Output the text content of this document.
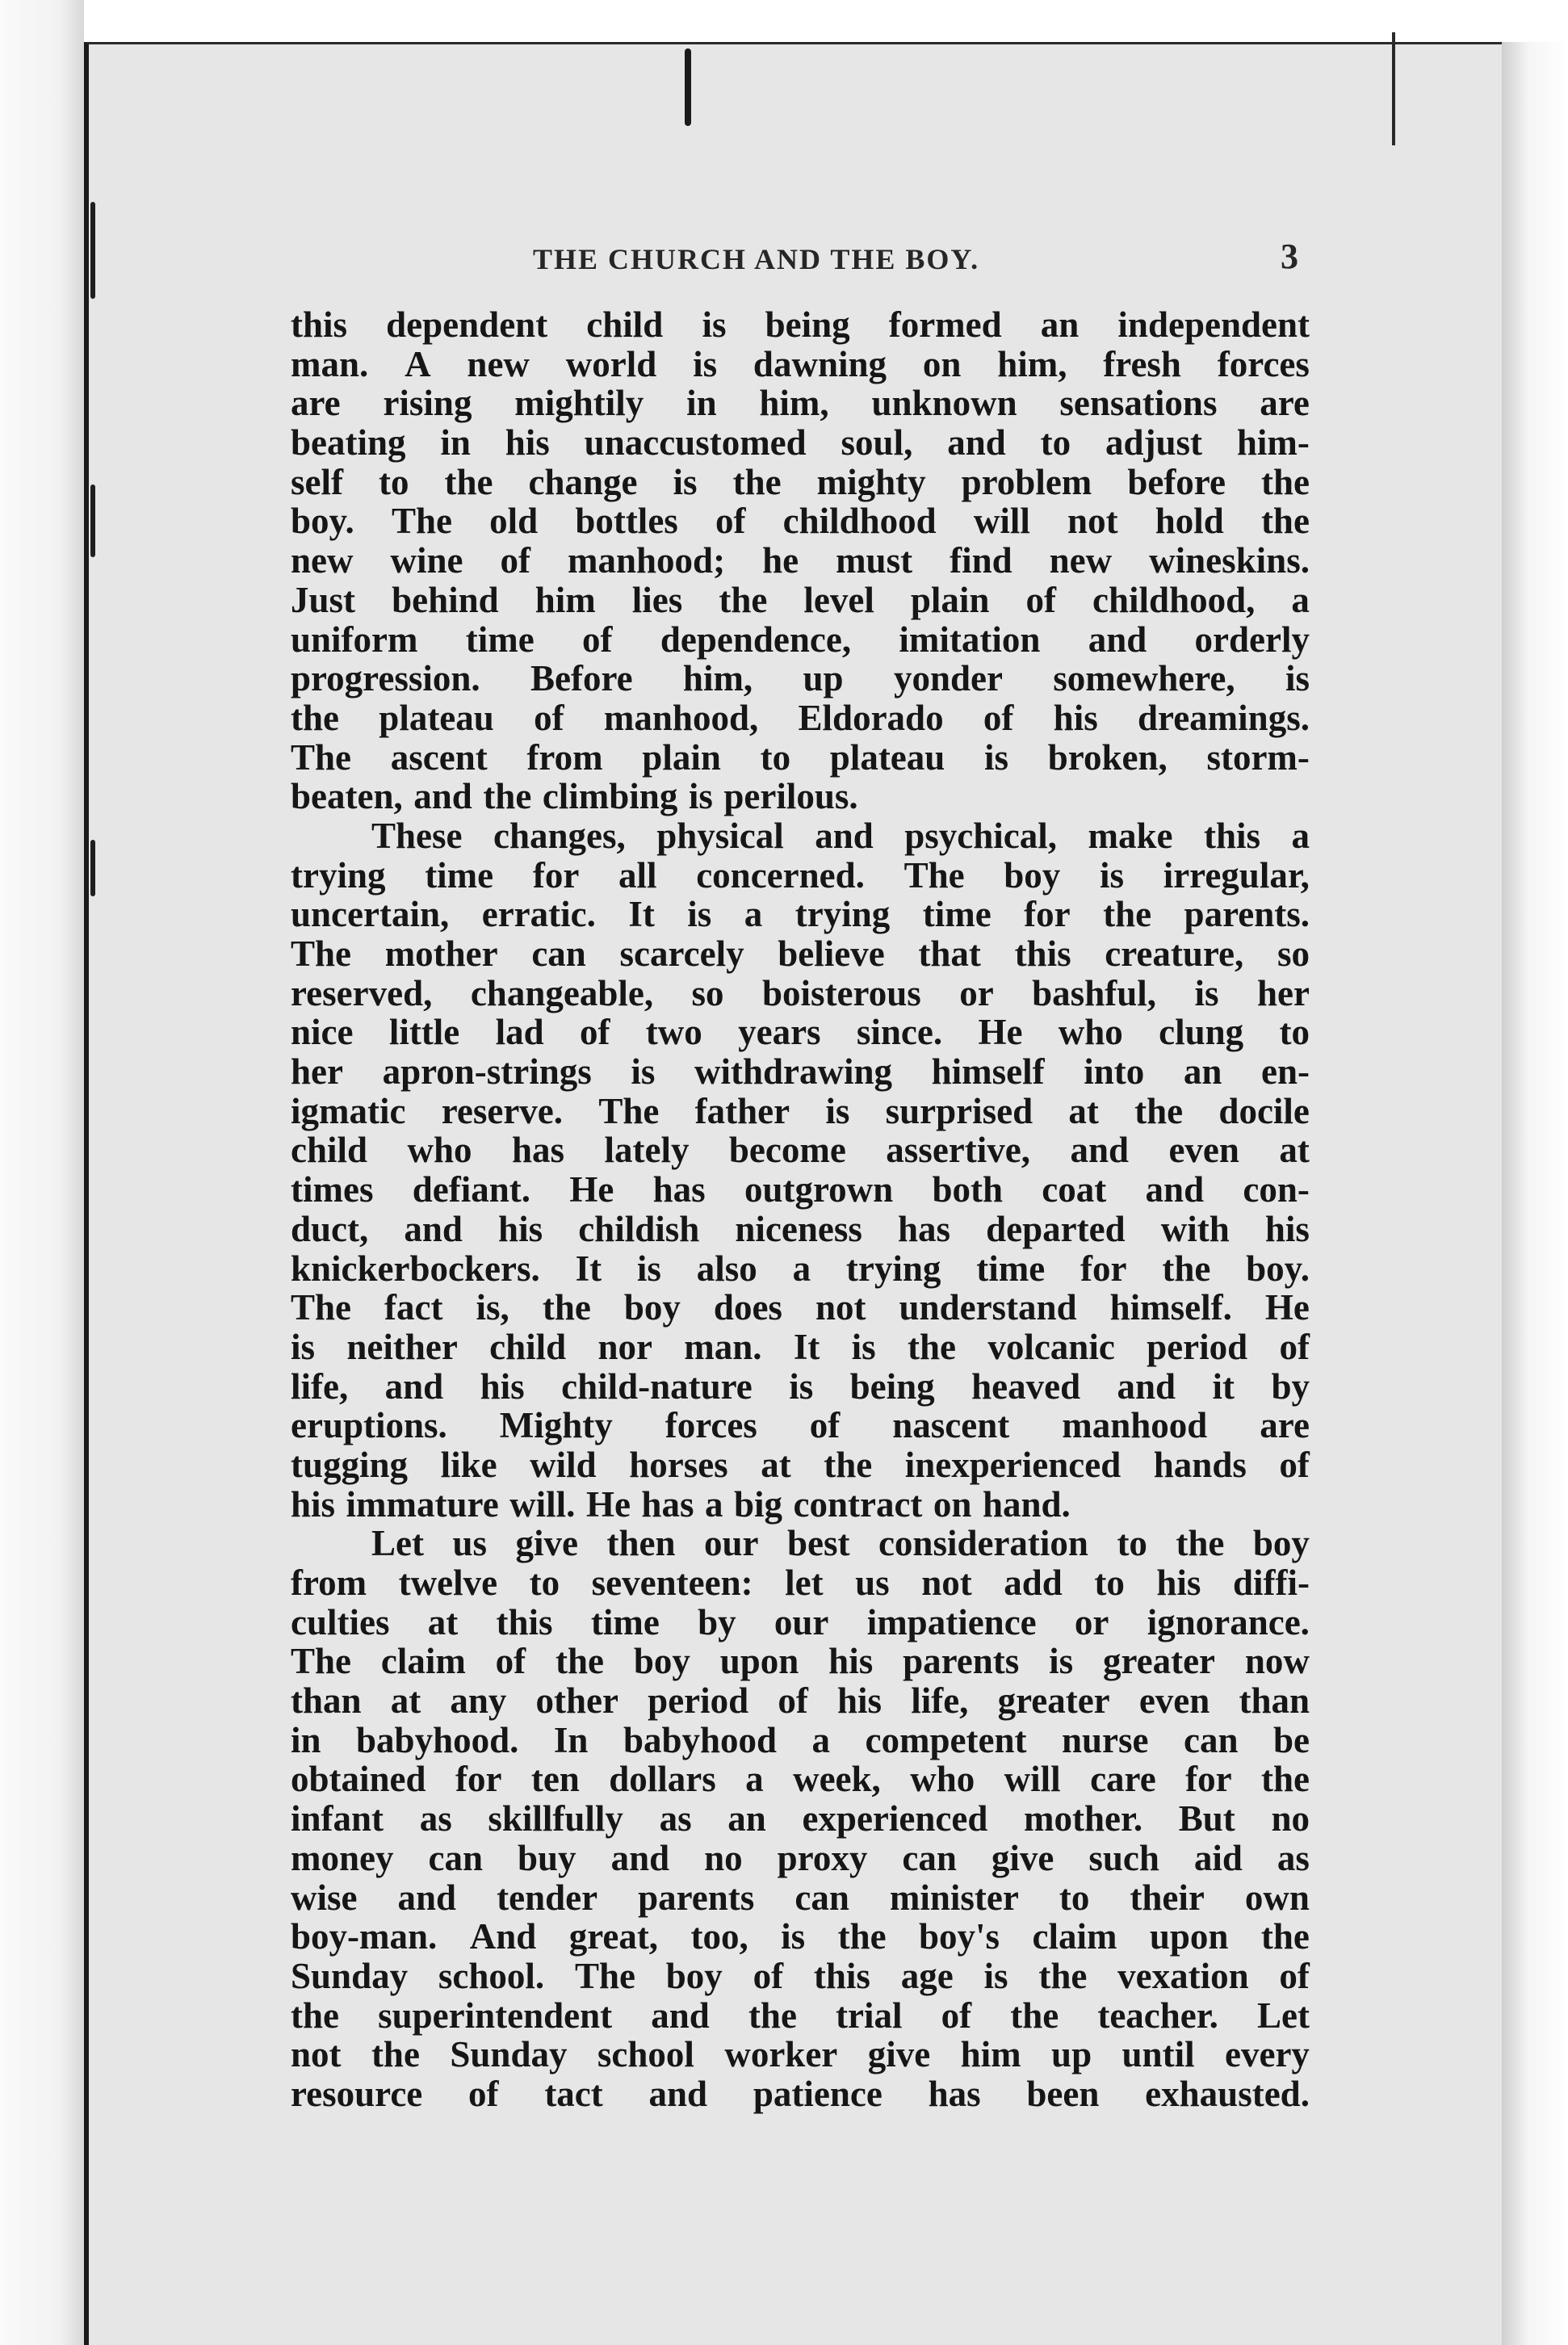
THE CHURCH AND THE BOY.	3
this dependent child is being formed an independent
man. A new world is dawning on him, fresh forces
are rising mightily in him, unknown sensations are
beating in his unaccustomed soul, and to adjust him-
self to the change is the mighty problem before the
boy. The old bottles of childhood will not hold the
new wine of manhood; he must find new wineskins.
Just behind him lies the level plain of childhood, a
uniform time of dependence, imitation and orderly
progression. Before him, up yonder somewhere, is
the plateau of manhood, Eldorado of his dreamings.
The ascent from plain to plateau is broken, storm-
beaten, and the climbing is perilous.
These changes, physical and psychical, make this a
trying time for all concerned. The boy is irregular,
uncertain, erratic. It is a trying time for the parents.
The mother can scarcely believe that this creature, so
reserved, changeable, so boisterous or bashful, is her
nice little lad of two years since. He who clung to
her apron-strings is withdrawing himself into an en-
igmatic reserve. The father is surprised at the docile
child who has lately become assertive, and even at
times defiant. He has outgrown both coat and con-
duct, and his childish niceness has departed with his
knickerbockers. It is also a trying time for the boy.
The fact is, the boy does not understand himself. He
is neither child nor man. It is the volcanic period of
life, and his child-nature is being heaved and it by
eruptions. Mighty forces of nascent manhood are
tugging like wild horses at the inexperienced hands of
his immature will. He has a big contract on hand.
Let us give then our best consideration to the boy
from twelve to seventeen: let us not add to his diffi-
culties at this time by our impatience or ignorance.
The claim of the boy upon his parents is greater now
than at any other period of his life, greater even than
in babyhood. In babyhood a competent nurse can be
obtained for ten dollars a week, who will care for the
infant as skillfully as an experienced mother. But no
money can buy and no proxy can give such aid as
wise and tender parents can minister to their own
boy-man. And great, too, is the boy's claim upon the
Sunday school. The boy of this age is the vexation of
the superintendent and the trial of the teacher. Let
not the Sunday school worker give him up until every
resource of tact and patience has been exhausted.
